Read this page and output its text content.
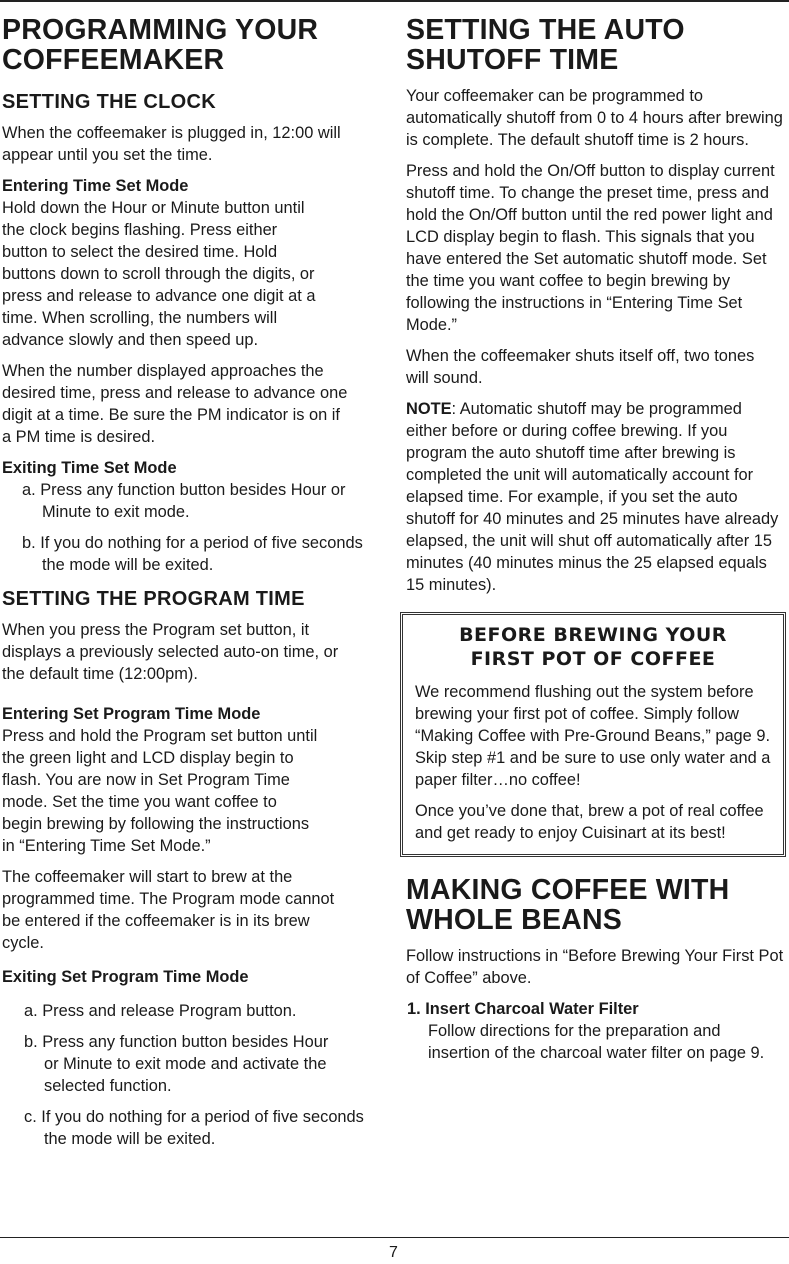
PROGRAMMING YOUR COFFEEMAKER
SETTING THE CLOCK

When the coffeemaker is plugged in, 12:00 will appear until you set the time.

Entering Time Set Mode

Hold down the Hour or Minute button until the clock begins flashing. Press either button to select the desired time. Hold buttons down to scroll through the digits, or press and release to advance one digit at a time. When scrolling, the numbers will advance slowly and then speed up.

When the number displayed approaches the desired time, press and release to advance one digit at a time. Be sure the PM indicator is on if a PM time is desired.

Exiting Time Set Mode

a. Press any function button besides Hour or Minute to exit mode.

b. If you do nothing for a period of five seconds the mode will be exited.

SETTING THE PROGRAM TIME

When you press the Program set button, it displays a previously selected auto-on time, or the default time (12:00pm).

Entering Set Program Time Mode

Press and hold the Program set button until the green light and LCD display begin to flash. You are now in Set Program Time mode. Set the time you want coffee to begin brewing by following the instructions in “Entering Time Set Mode.”

The coffeemaker will start to brew at the programmed time. The Program mode cannot be entered if the coffeemaker is in its brew cycle.

Exiting Set Program Time Mode

a. Press and release Program button.

b. Press any function button besides Hour or Minute to exit mode and activate the selected function.

c. If you do nothing for a period of five seconds the mode will be exited.

SETTING THE AUTO SHUTOFF TIME

Your coffeemaker can be programmed to automatically shutoff from 0 to 4 hours after brewing is complete. The default shutoff time is 2 hours.

Press and hold the On/Off button to display current shutoff time. To change the preset time, press and hold the On/Off button until the red power light and LCD display begin to flash. This signals that you have entered the Set automatic shutoff mode. Set the time you want coffee to begin brewing by following the instructions in “Entering Time Set Mode.”

When the coffeemaker shuts itself off, two tones will sound.

NOTE: Automatic shutoff may be programmed either before or during coffee brewing. If you program the auto shutoff time after brewing is completed the unit will automatically account for elapsed time. For example, if you set the auto shutoff for 40 minutes and 25 minutes have already elapsed, the unit will shut off automatically after 15 minutes (40 minutes minus the 25 elapsed equals 15 minutes).

BEFORE BREWING YOUR
FIRST POT OF COFFEE

We recommend flushing out the system before brewing your first pot of coffee. Simply follow “Making Coffee with Pre-Ground Beans,” page 9. Skip step #1 and be sure to use only water and a paper filter…no coffee!

Once you’ve done that, brew a pot of real coffee and get ready to enjoy Cuisinart at its best!

MAKING COFFEE WITH WHOLE BEANS

Follow instructions in “Before Brewing Your First Pot of Coffee” above.

1. Insert Charcoal Water Filter

Follow directions for the preparation and insertion of the charcoal water filter on page 9.

7
